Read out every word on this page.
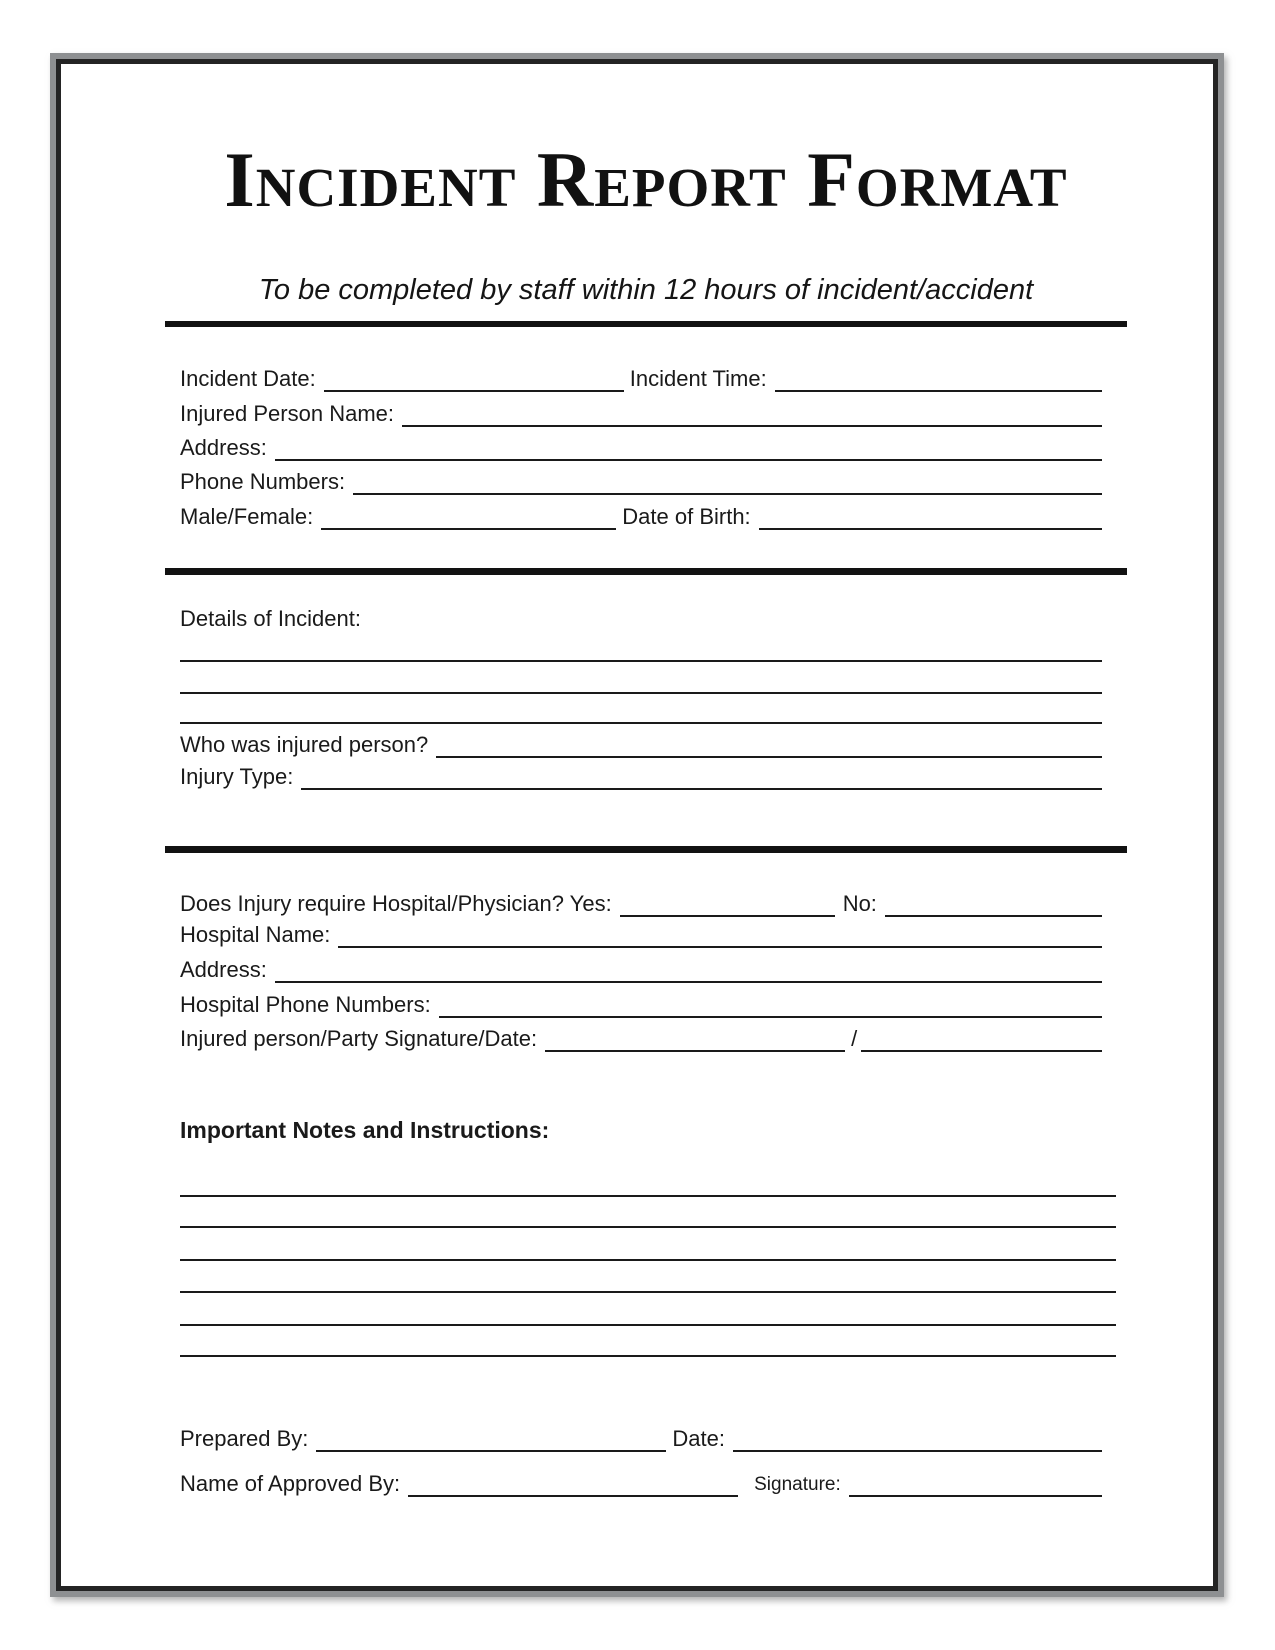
Incident Report Format
To be completed by staff within 12 hours of incident/accident
Incident Date:	Incident Time:
Injured Person Name:
Address:
Phone Numbers:
Male/Female:	Date of Birth:
Details of Incident:
Who was injured person?
Injury Type:
Does Injury require Hospital/Physician? Yes:	No:
Hospital Name:
Address:
Hospital Phone Numbers:
Injured person/Party Signature/Date:	/
Important Notes and Instructions:
Prepared By:	Date:
Name of Approved By:	Signature:
